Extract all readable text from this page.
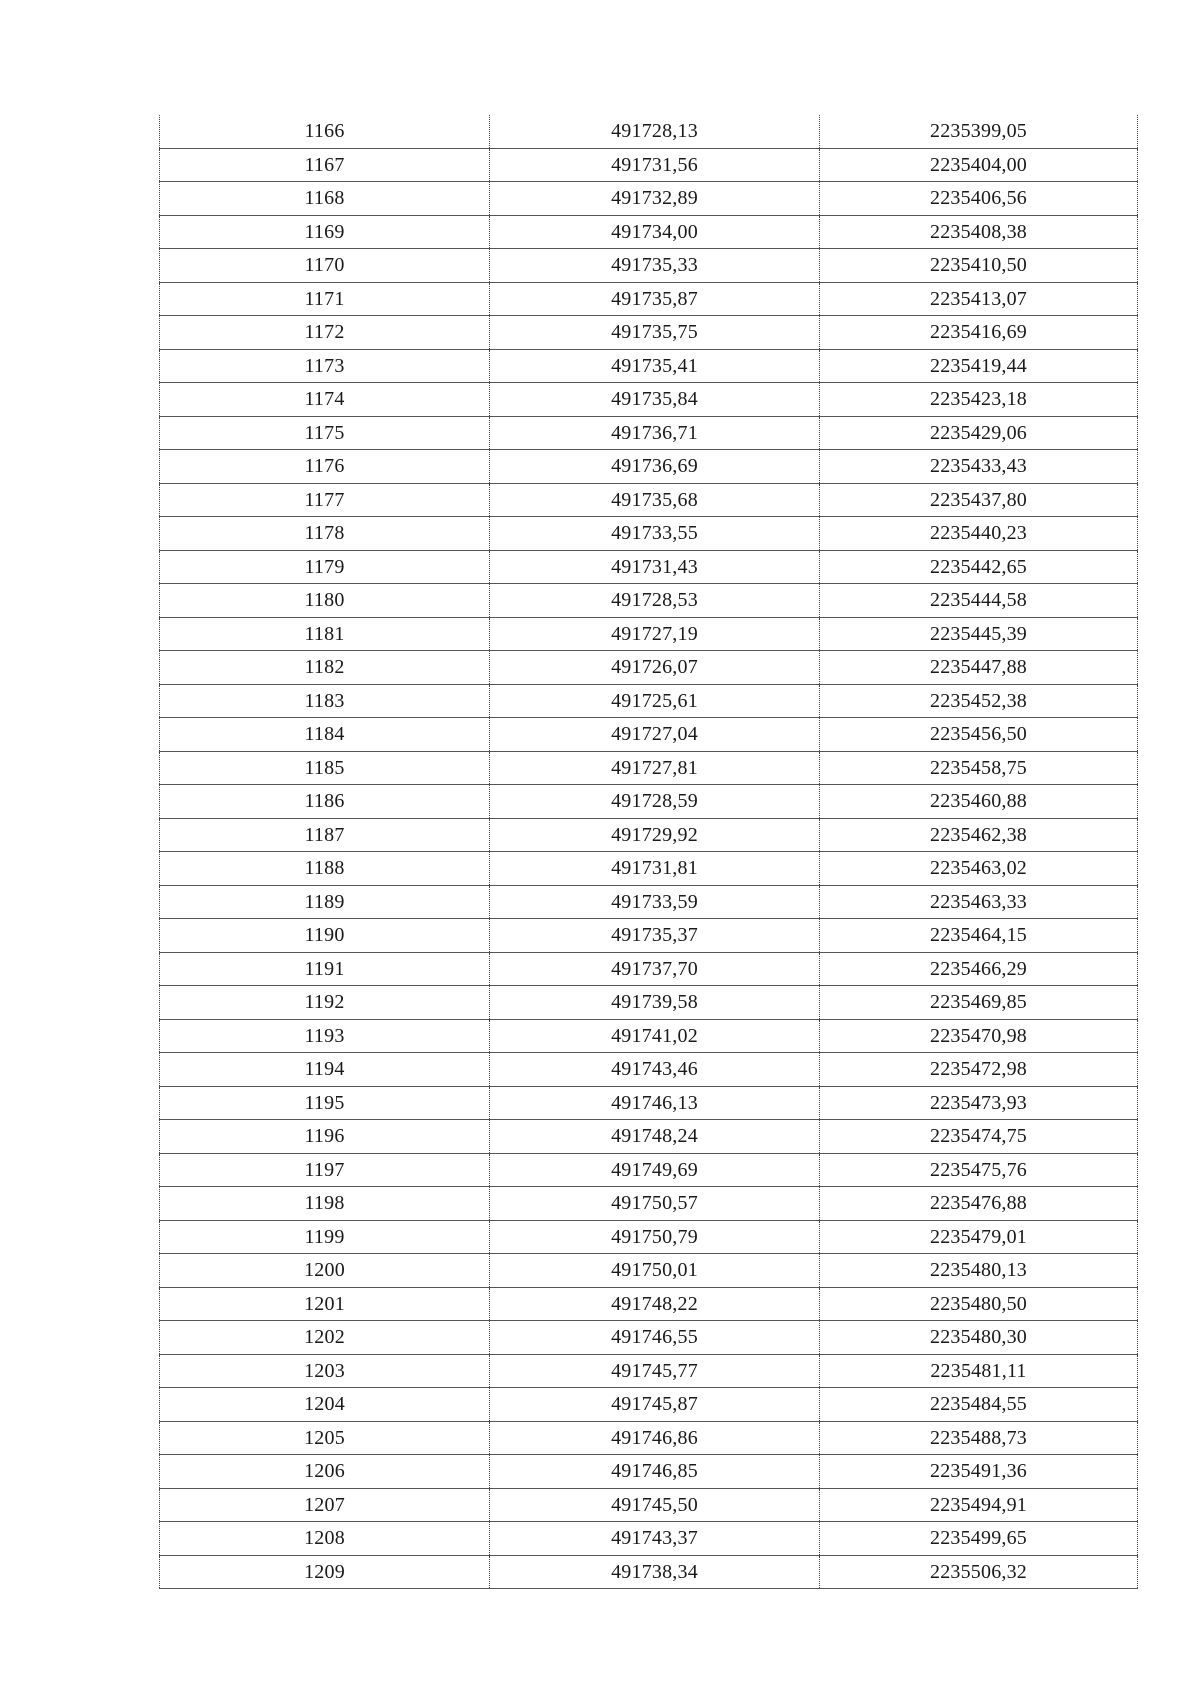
1166	491728,13	2235399,05
1167	491731,56	2235404,00
1168	491732,89	2235406,56
1169	491734,00	2235408,38
1170	491735,33	2235410,50
1171	491735,87	2235413,07
1172	491735,75	2235416,69
1173	491735,41	2235419,44
1174	491735,84	2235423,18
1175	491736,71	2235429,06
1176	491736,69	2235433,43
1177	491735,68	2235437,80
1178	491733,55	2235440,23
1179	491731,43	2235442,65
1180	491728,53	2235444,58
1181	491727,19	2235445,39
1182	491726,07	2235447,88
1183	491725,61	2235452,38
1184	491727,04	2235456,50
1185	491727,81	2235458,75
1186	491728,59	2235460,88
1187	491729,92	2235462,38
1188	491731,81	2235463,02
1189	491733,59	2235463,33
1190	491735,37	2235464,15
1191	491737,70	2235466,29
1192	491739,58	2235469,85
1193	491741,02	2235470,98
1194	491743,46	2235472,98
1195	491746,13	2235473,93
1196	491748,24	2235474,75
1197	491749,69	2235475,76
1198	491750,57	2235476,88
1199	491750,79	2235479,01
1200	491750,01	2235480,13
1201	491748,22	2235480,50
1202	491746,55	2235480,30
1203	491745,77	2235481,11
1204	491745,87	2235484,55
1205	491746,86	2235488,73
1206	491746,85	2235491,36
1207	491745,50	2235494,91
1208	491743,37	2235499,65
1209	491738,34	2235506,32
